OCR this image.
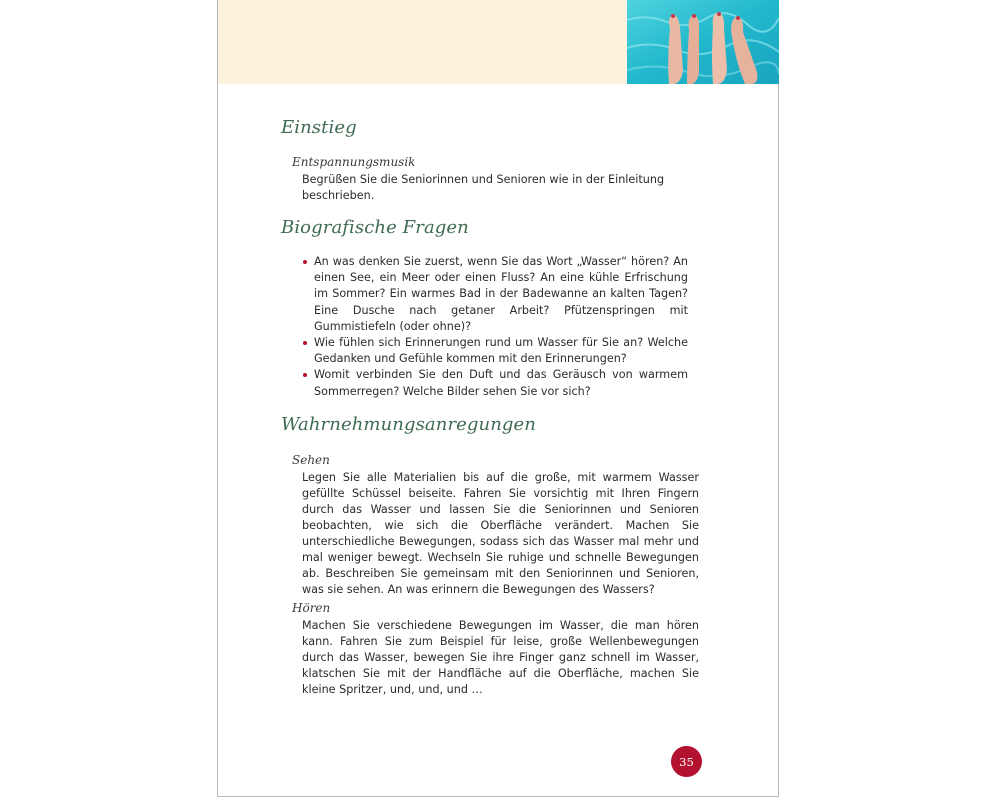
Einstieg
Entspannungsmusik

Begrüßen Sie die Seniorinnen und Senioren wie in der Einleitung beschrieben.

Biografische Fragen
An was denken Sie zuerst, wenn Sie das Wort „Wasser“ hören? An einen See, ein Meer oder einen Fluss? An eine kühle Erfrischung im Sommer? Ein warmes Bad in der Badewanne an kalten Tagen? Eine Dusche nach getaner Arbeit? Pfützenspringen mit Gummistiefeln (oder ohne)?
Wie fühlen sich Erinnerungen rund um Wasser für Sie an? Welche Gedanken und Gefühle kommen mit den Erinnerungen?
Womit verbinden Sie den Duft und das Geräusch von warmem Sommerregen? Welche Bilder sehen Sie vor sich?
Wahrnehmungsanregungen
Sehen

Legen Sie alle Materialien bis auf die große, mit warmem Wasser gefüllte Schüssel beiseite. Fahren Sie vorsichtig mit Ihren Fingern durch das Wasser und lassen Sie die Seniorinnen und Senioren beobachten, wie sich die Oberfläche verändert. Machen Sie unterschiedliche Bewegungen, sodass sich das Wasser mal mehr und mal weniger bewegt. Wechseln Sie ruhige und schnelle Bewegungen ab. Beschreiben Sie gemeinsam mit den Seniorinnen und Senioren, was sie sehen. An was erinnern die Bewegungen des Wassers?

Hören

Machen Sie verschiedene Bewegungen im Wasser, die man hören kann. Fahren Sie zum Beispiel für leise, große Wellenbewegungen durch das Wasser, bewegen Sie ihre Finger ganz schnell im Wasser, klatschen Sie mit der Handfläche auf die Oberfläche, machen Sie kleine Spritzer, und, und, und …

35
